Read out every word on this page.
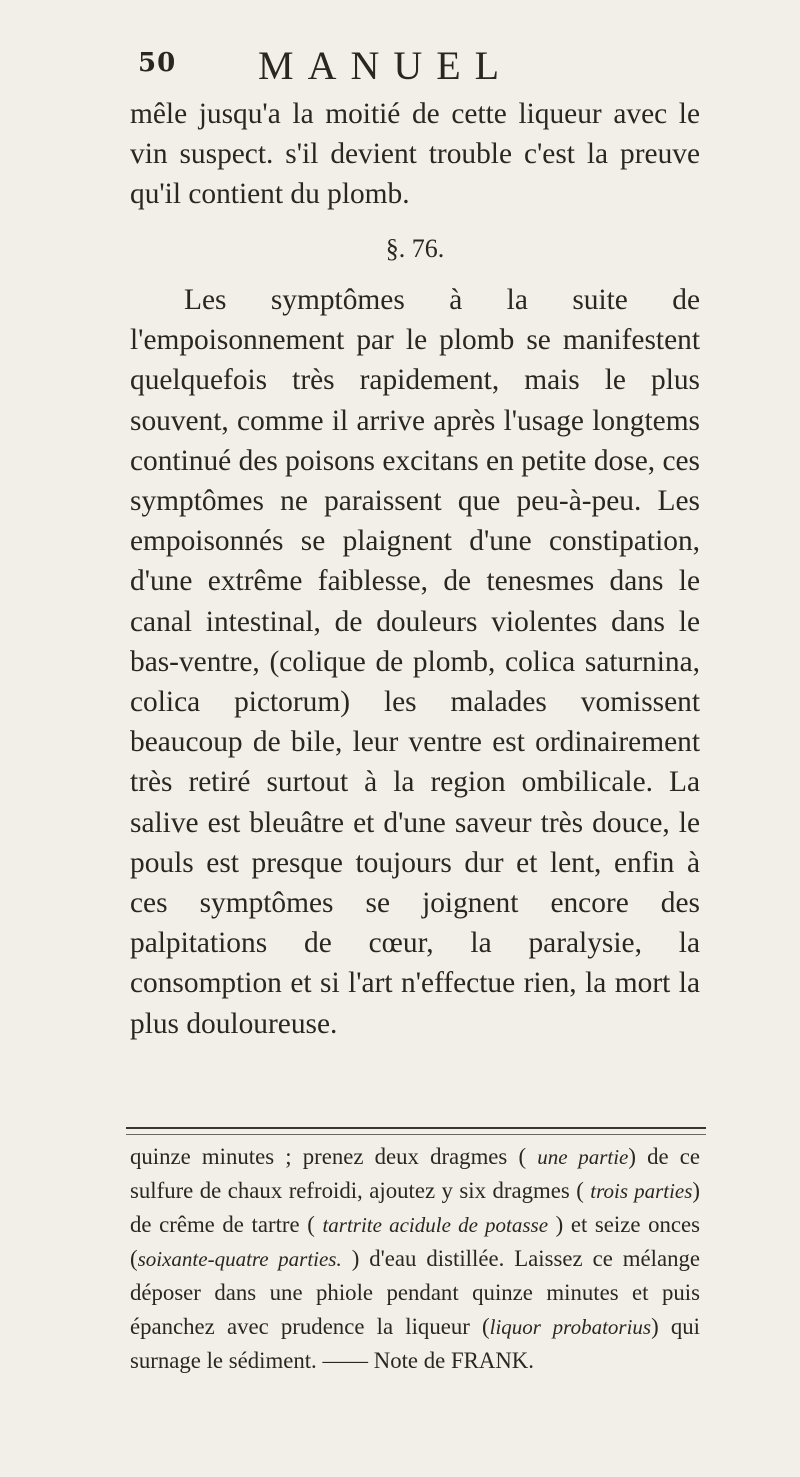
50 MANUEL
mêle jusqu'a la moitié de cette liqueur avec le vin suspect. s'il devient trouble c'est la preuve qu'il contient du plomb.
§. 76.
Les symptômes à la suite de l'empoisonnement par le plomb se manifestent quelquefois très rapidement, mais le plus souvent, comme il arrive après l'usage longtems continué des poisons excitans en petite dose, ces symptômes ne paraissent que peu-à-peu. Les empoisonnés se plaignent d'une constipation, d'une extrême faiblesse, de tenesmes dans le canal intestinal, de douleurs violentes dans le bas-ventre, (colique de plomb, colica saturnina, colica pictorum) les malades vomissent beaucoup de bile, leur ventre est ordinairement très retiré surtout à la region ombilicale. La salive est bleuâtre et d'une saveur très douce, le pouls est presque toujours dur et lent, enfin à ces symptômes se joignent encore des palpitations de cœur, la paralysie, la consomption et si l'art n'effectue rien, la mort la plus douloureuse.
quinze minutes ; prenez deux dragmes ( une partie) de ce sulfure de chaux refroidi, ajoutez y six dragmes ( trois parties) de crême de tartre ( tartrite acidule de potasse ) et seize onces (soixante-quatre parties. ) d'eau distillée. Laissez ce mélange déposer dans une phiole pendant quinze minutes et puis épanchez avec prudence la liqueur (liquor probatorius) qui surnage le sédiment. —— Note de FRANK.
